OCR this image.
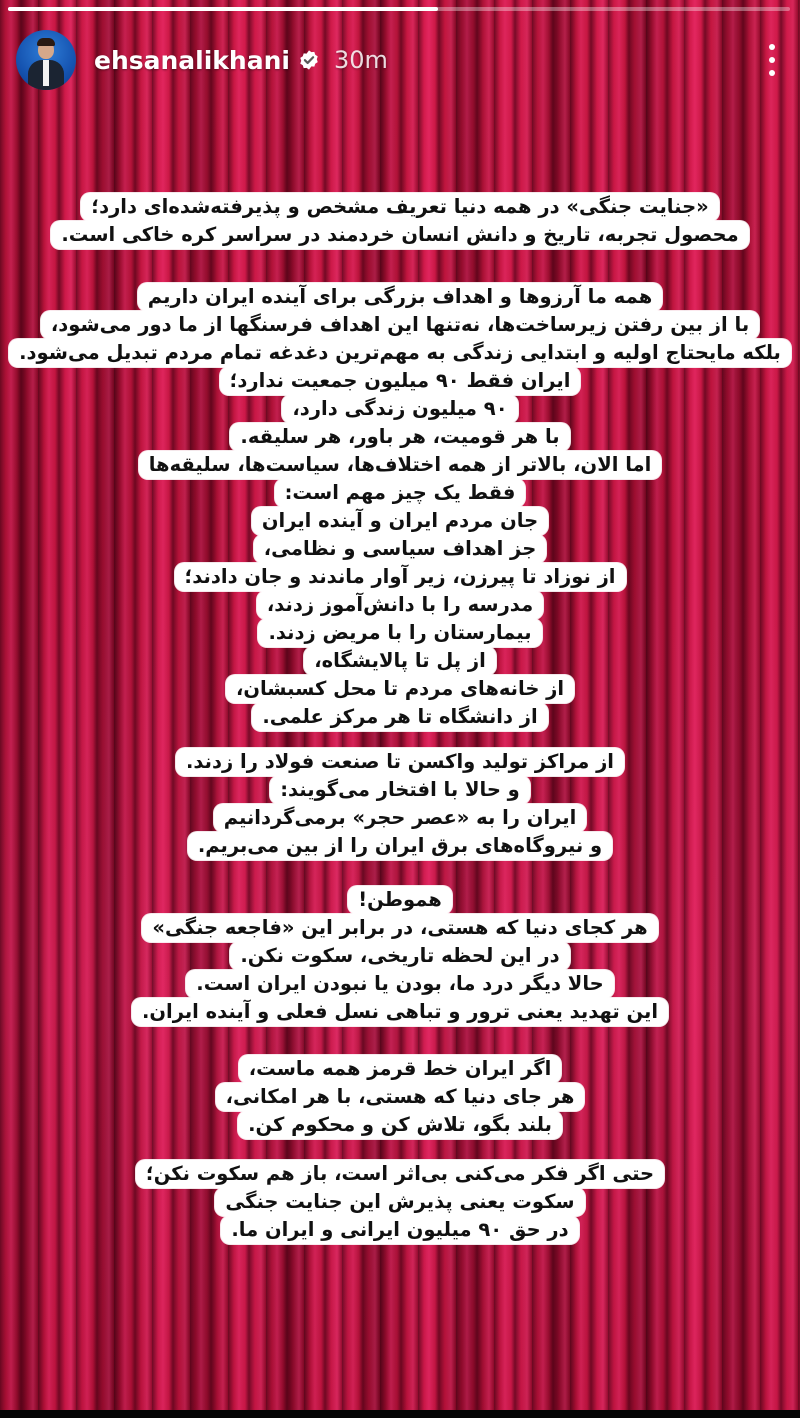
ehsanalikhani 30m
«جنایت جنگی» در همه دنیا تعریف مشخص و پذیرفته‌شده‌ای دارد؛
محصول تجربه، تاریخ و دانش انسان خردمند در سراسر کره خاکی است.
همه ما آرزوها و اهداف بزرگی برای آینده ایران داریم
با از بین رفتن زیرساخت‌ها، نه‌تنها این اهداف فرسنگها از ما دور می‌شود،
بلکه مایحتاج اولیه و ابتدایی زندگی به مهم‌ترین دغدغه تمام مردم تبدیل می‌شود.
ایران فقط ۹۰ میلیون جمعیت ندارد؛
۹۰ میلیون زندگی دارد،
با هر قومیت، هر باور، هر سلیقه.
اما الان، بالاتر از همه اختلاف‌ها، سیاست‌ها، سلیقه‌ها
فقط یک چیز مهم است:
جان مردم ایران و آینده ایران
جز اهداف سیاسی و نظامی،
از نوزاد تا پیرزن، زیر آوار ماندند و جان دادند؛
مدرسه را با دانش‌آموز زدند،
بیمارستان را با مریض زدند.
از پل تا پالایشگاه،
از خانه‌های مردم تا محل کسبشان،
از دانشگاه تا هر مرکز علمی.
از مراکز تولید واکسن تا صنعت فولاد را زدند.
و حالا با افتخار می‌گویند:
ایران را به «عصر حجر» برمی‌گردانیم
و نیروگاه‌های برق ایران را از بین می‌بریم.
هموطن!
هر کجای دنیا که هستی، در برابر این «فاجعه جنگی»
در این لحظه تاریخی، سکوت نکن.
حالا دیگر درد ما، بودن یا نبودن ایران است.
این تهدید یعنی ترور و تباهی نسل فعلی و آینده ایران.
اگر ایران خط قرمز همه ماست،
هر جای دنیا که هستی، با هر امکانی،
بلند بگو، تلاش کن و محکوم کن.
حتی اگر فکر می‌کنی بی‌اثر است، باز هم سکوت نکن؛
سکوت یعنی پذیرش این جنایت جنگی
در حق ۹۰ میلیون ایرانی و ایران ما.
